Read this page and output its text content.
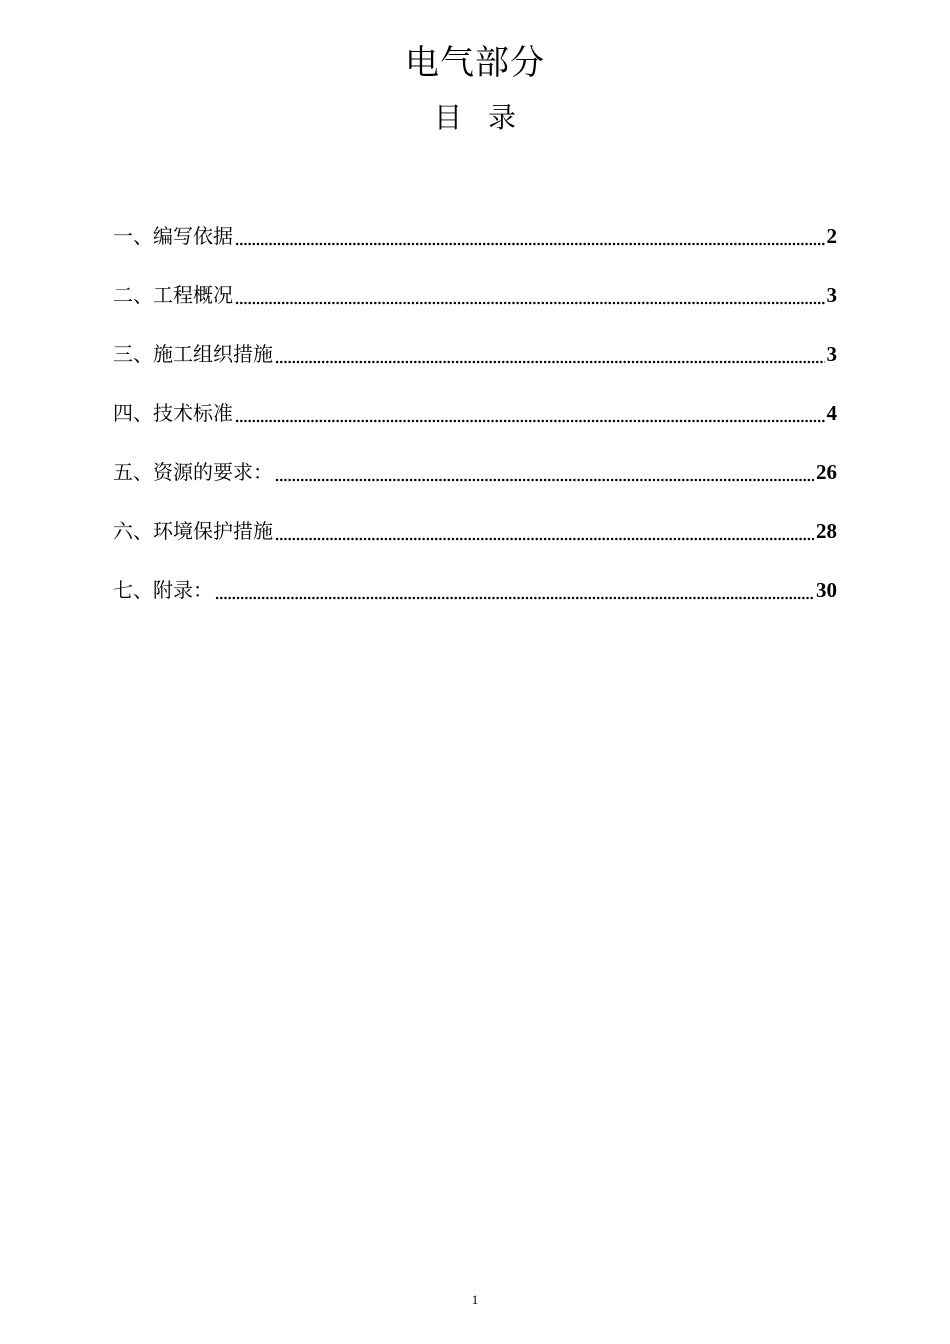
电气部分
目录
一、编写依据	2
二、工程概况	3
三、施工组织措施	3
四、技术标准	4
五、资源的要求：	26
六、环境保护措施	28
七、附录：	30
1
